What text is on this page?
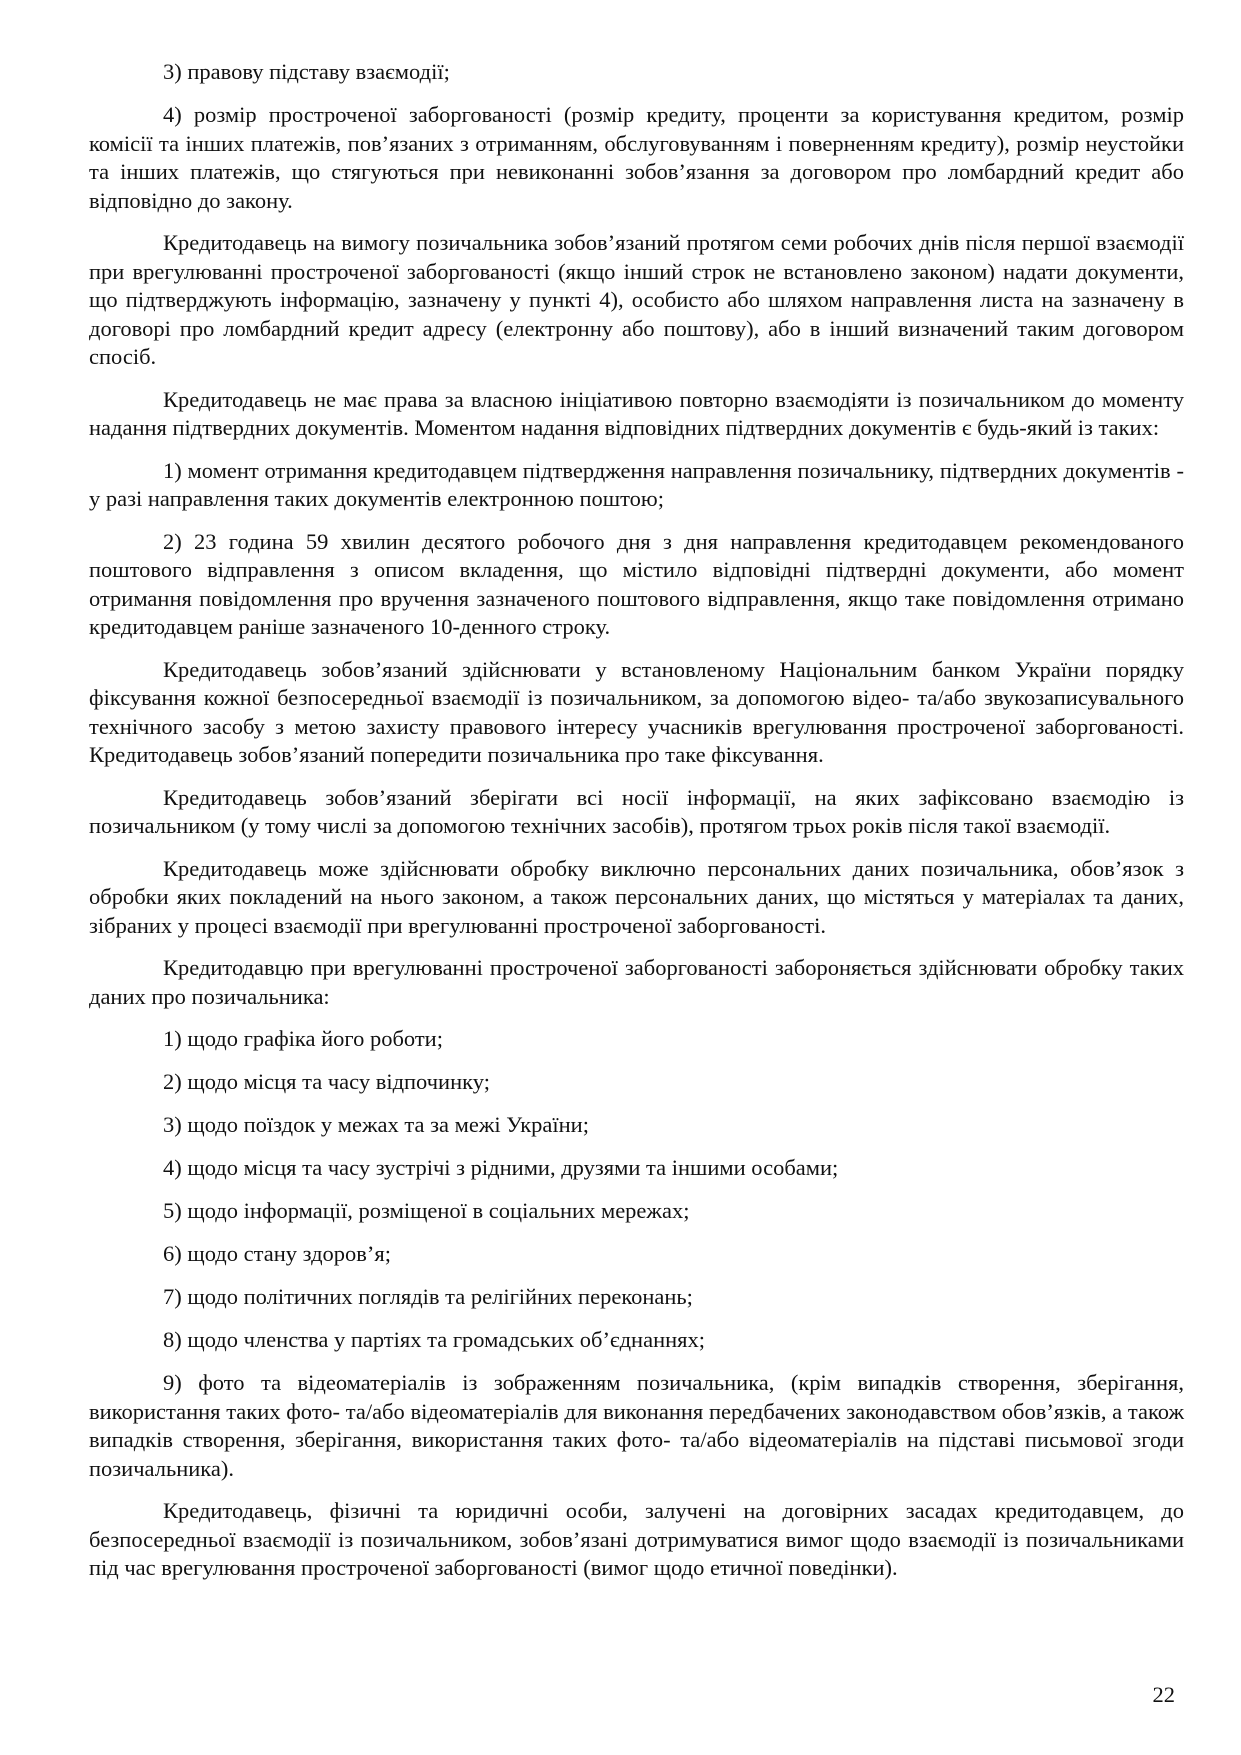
3) правову підставу взаємодії;

4) розмір простроченої заборгованості (розмір кредиту, проценти за користування кредитом, розмір комісії та інших платежів, пов’язаних з отриманням, обслуговуванням і поверненням кредиту), розмір неустойки та інших платежів, що стягуються при невиконанні зобов’язання за договором про ломбардний кредит або відповідно до закону.

Кредитодавець на вимогу позичальника зобов’язаний протягом семи робочих днів після першої взаємодії при врегулюванні простроченої заборгованості (якщо інший строк не встановлено законом) надати документи, що підтверджують інформацію, зазначену у пункті 4), особисто або шляхом направлення листа на зазначену в договорі про ломбардний кредит адресу (електронну або поштову), або в інший визначений таким договором спосіб.

Кредитодавець не має права за власною ініціативою повторно взаємодіяти із позичальником до моменту надання підтвердних документів. Моментом надання відповідних підтвердних документів є будь-який із таких:

1) момент отримання кредитодавцем підтвердження направлення позичальнику, підтвердних документів - у разі направлення таких документів електронною поштою;

2) 23 година 59 хвилин десятого робочого дня з дня направлення кредитодавцем рекомендованого поштового відправлення з описом вкладення, що містило відповідні підтвердні документи, або момент отримання повідомлення про вручення зазначеного поштового відправлення, якщо таке повідомлення отримано кредитодавцем раніше зазначеного 10-денного строку.

Кредитодавець зобов’язаний здійснювати у встановленому Національним банком України порядку фіксування кожної безпосередньої взаємодії із позичальником, за допомогою відео- та/або звукозаписувального технічного засобу з метою захисту правового інтересу учасників врегулювання простроченої заборгованості. Кредитодавець зобов’язаний попередити позичальника про таке фіксування.

Кредитодавець зобов’язаний зберігати всі носії інформації, на яких зафіксовано взаємодію із позичальником (у тому числі за допомогою технічних засобів), протягом трьох років після такої взаємодії.

Кредитодавець може здійснювати обробку виключно персональних даних позичальника, обов’язок з обробки яких покладений на нього законом, а також персональних даних, що містяться у матеріалах та даних, зібраних у процесі взаємодії при врегулюванні простроченої заборгованості.

Кредитодавцю при врегулюванні простроченої заборгованості забороняється здійснювати обробку таких даних про позичальника:

1) щодо графіка його роботи;

2) щодо місця та часу відпочинку;

3) щодо поїздок у межах та за межі України;

4) щодо місця та часу зустрічі з рідними, друзями та іншими особами;

5) щодо інформації, розміщеної в соціальних мережах;

6) щодо стану здоров’я;

7) щодо політичних поглядів та релігійних переконань;

8) щодо членства у партіях та громадських об’єднаннях;

9) фото та відеоматеріалів із зображенням позичальника, (крім випадків створення, зберігання, використання таких фото- та/або відеоматеріалів для виконання передбачених законодавством обов’язків, а також випадків створення, зберігання, використання таких фото- та/або відеоматеріалів на підставі письмової згоди позичальника).

Кредитодавець, фізичні та юридичні особи, залучені на договірних засадах кредитодавцем, до безпосередньої взаємодії із позичальником, зобов’язані дотримуватися вимог щодо взаємодії із позичальниками під час врегулювання простроченої заборгованості (вимог щодо етичної поведінки).

22
